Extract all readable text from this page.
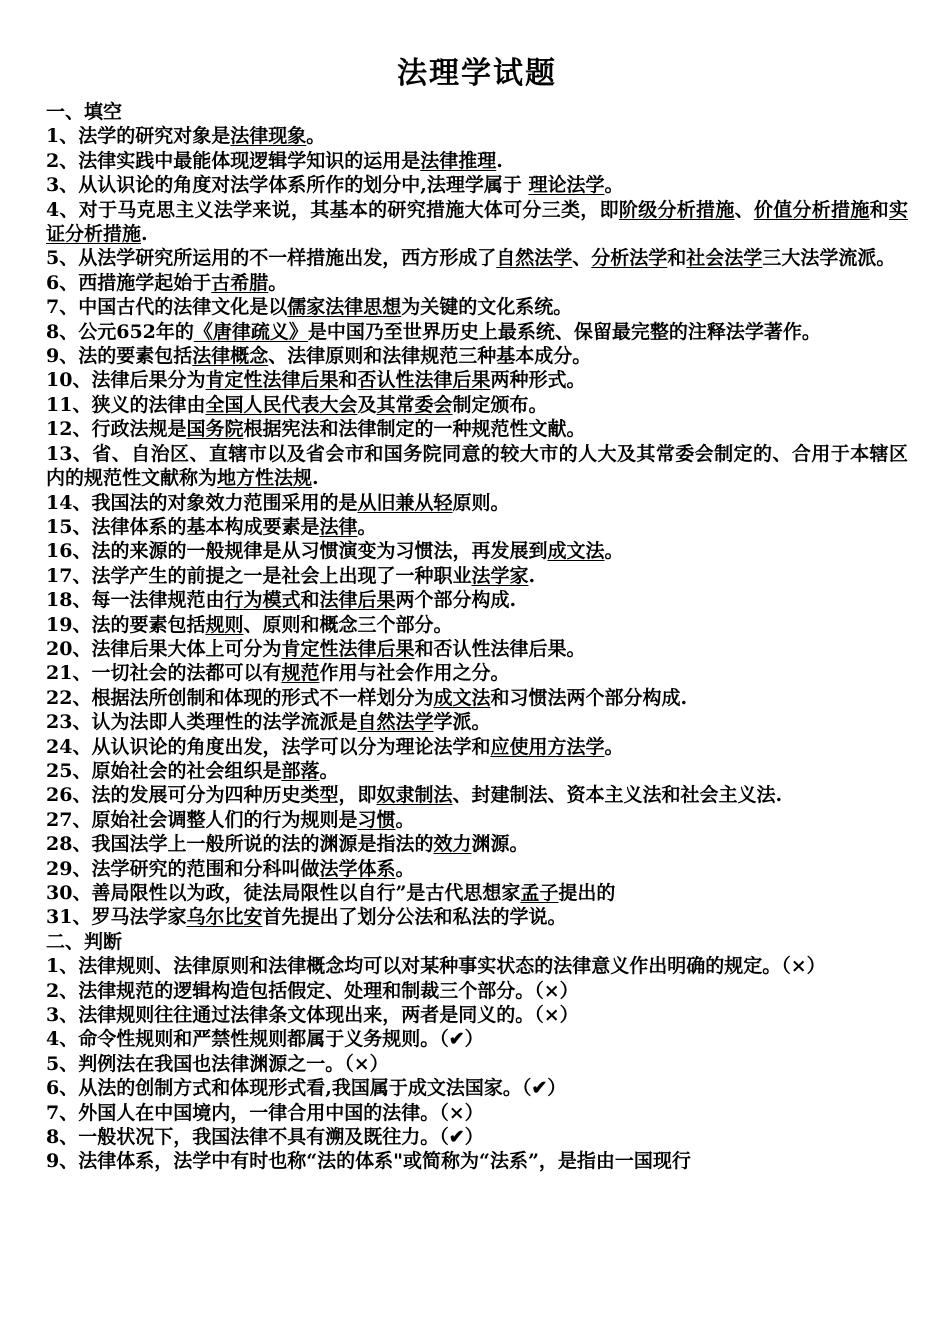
法理学试题
一、填空
1、法学的研究对象是法律现象。
2、法律实践中最能体现逻辑学知识的运用是法律推理.
3、从认识论的角度对法学体系所作的划分中,法理学属于 理论法学。
4、对于马克思主义法学来说，其基本的研究措施大体可分三类，即阶级分析措施、价值分析措施和实证分析措施.
5、从法学研究所运用的不一样措施出发，西方形成了自然法学、分析法学和社会法学三大法学流派。
6、西措施学起始于古希腊。
7、中国古代的法律文化是以儒家法律思想为关键的文化系统。
8、公元652年的《唐律疏义》是中国乃至世界历史上最系统、保留最完整的注释法学著作。
9、法的要素包括法律概念、法律原则和法律规范三种基本成分。
10、法律后果分为肯定性法律后果和否认性法律后果两种形式。
11、狭义的法律由全国人民代表大会及其常委会制定颁布。
12、行政法规是国务院根据宪法和法律制定的一种规范性文献。
13、省、自治区、直辖市以及省会市和国务院同意的较大市的人大及其常委会制定的、合用于本辖区内的规范性文献称为地方性法规.
14、我国法的对象效力范围采用的是从旧兼从轻原则。
15、法律体系的基本构成要素是法律。
16、法的来源的一般规律是从习惯演变为习惯法，再发展到成文法。
17、法学产生的前提之一是社会上出现了一种职业法学家.
18、每一法律规范由行为模式和法律后果两个部分构成.
19、法的要素包括规则、原则和概念三个部分。
20、法律后果大体上可分为肯定性法律后果和否认性法律后果。
21、一切社会的法都可以有规范作用与社会作用之分。
22、根据法所创制和体现的形式不一样划分为成文法和习惯法两个部分构成.
23、认为法即人类理性的法学流派是自然法学学派。
24、从认识论的角度出发，法学可以分为理论法学和应使用方法学。
25、原始社会的社会组织是部落。
26、法的发展可分为四种历史类型，即奴隶制法、封建制法、资本主义法和社会主义法.
27、原始社会调整人们的行为规则是习惯。
28、我国法学上一般所说的法的渊源是指法的效力渊源。
29、法学研究的范围和分科叫做法学体系。
30、善局限性以为政，徒法局限性以自行”是古代思想家孟子提出的
31、罗马法学家乌尔比安首先提出了划分公法和私法的学说。
二、判断
1、法律规则、法律原则和法律概念均可以对某种事实状态的法律意义作出明确的规定。（×）
2、法律规范的逻辑构造包括假定、处理和制裁三个部分。（×）
3、法律规则往往通过法律条文体现出来，两者是同义的。（×）
4、命令性规则和严禁性规则都属于义务规则。（✔）
5、判例法在我国也法律渊源之一。（×）
6、从法的创制方式和体现形式看,我国属于成文法国家。（✔）
7、外国人在中国境内，一律合用中国的法律。（×）
8、一般状况下，我国法律不具有溯及既往力。（✔）
9、法律体系，法学中有时也称“法的体系"或简称为“法系”，是指由一国现行
